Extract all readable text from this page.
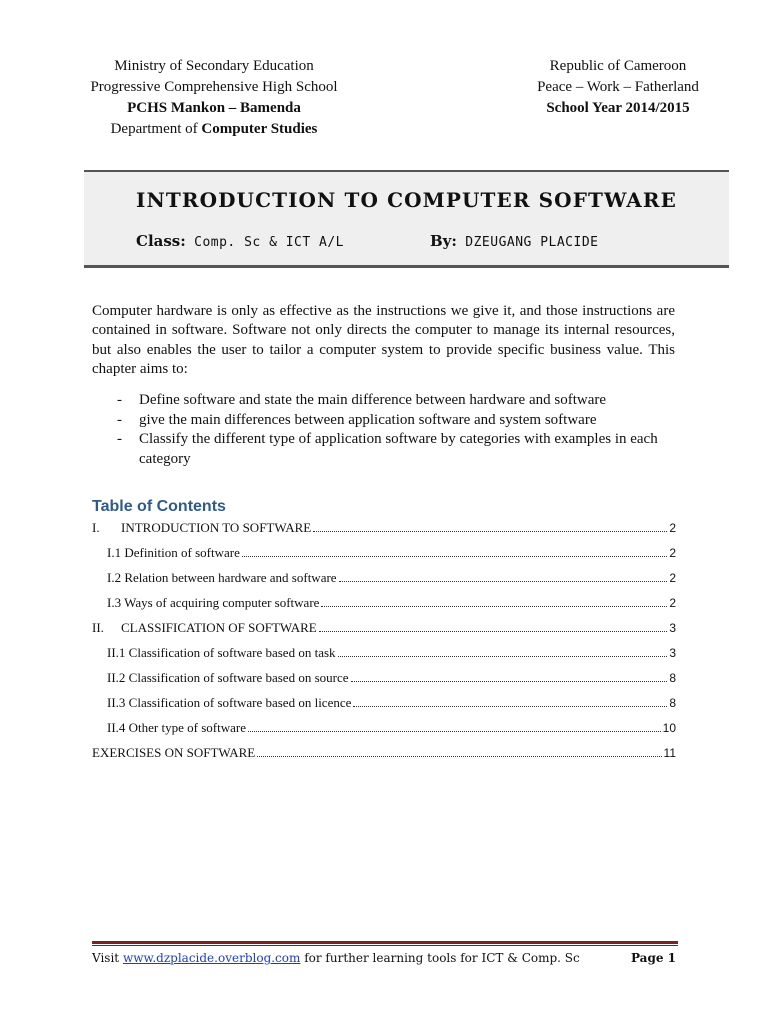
Ministry of Secondary Education
Progressive Comprehensive High School
PCHS Mankon – Bamenda
Department of Computer Studies
Republic of Cameroon
Peace – Work – Fatherland
School Year 2014/2015
INTRODUCTION TO COMPUTER SOFTWARE
Class: Comp. Sc & ICT A/L	By: DZEUGANG PLACIDE
Computer hardware is only as effective as the instructions we give it, and those instructions are contained in software. Software not only directs the computer to manage its internal resources, but also enables the user to tailor a computer system to provide specific business value. This chapter aims to:
- Define software and state the main difference between hardware and software
- give the main differences between application software and system software
- Classify the different type of application software by categories with examples in each category
Table of Contents
I.	INTRODUCTION TO SOFTWARE	2
I.1 Definition of software	2
I.2 Relation between hardware and software	2
I.3 Ways of acquiring computer software	2
II.	CLASSIFICATION OF SOFTWARE	3
II.1 Classification of software based on task	3
II.2 Classification of software based on source	8
II.3 Classification of software based on licence	8
II.4 Other type of software	10
EXERCISES ON SOFTWARE	11
Visit www.dzplacide.overblog.com for further learning tools for ICT & Comp. Sc	Page 1
